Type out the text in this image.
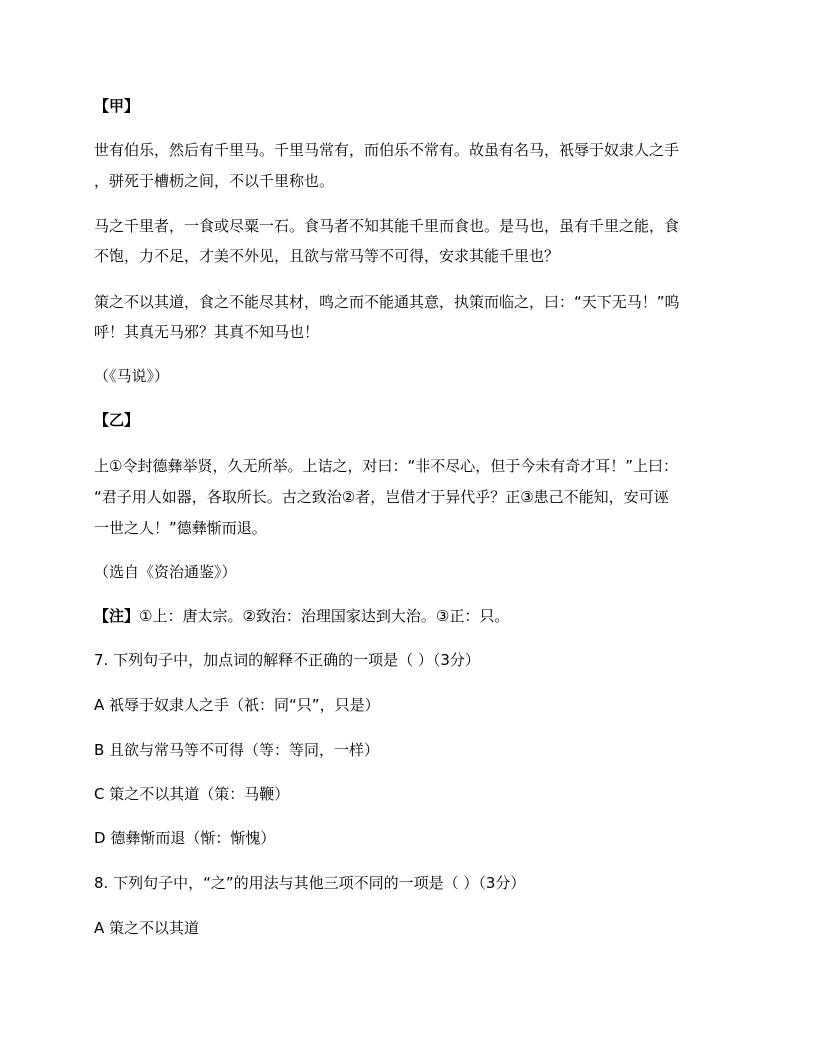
【甲】
世有伯乐，然后有千里马。千里马常有，而伯乐不常有。故虽有名马，祇辱于奴隶人之手
，骈死于槽枥之间，不以千里称也。
马之千里者，一食或尽粟一石。食马者不知其能千里而食也。是马也，虽有千里之能，食
不饱，力不足，才美不外见，且欲与常马等不可得，安求其能千里也？
策之不以其道，食之不能尽其材，鸣之而不能通其意，执策而临之，曰：“天下无马！”呜
呼！其真无马邪？其真不知马也！
（《马说》）
【乙】
上①令封德彝举贤，久无所举。上诘之，对曰：“非不尽心，但于今未有奇才耳！”上曰：
“君子用人如器，各取所长。古之致治②者，岂借才于异代乎？正③患己不能知，安可诬
一世之人！”德彝惭而退。
（选自《资治通鉴》）
【注】①上：唐太宗。②致治：治理国家达到大治。③正：只。
7. 下列句子中，加点词的解释不正确的一项是（ ）（3分）
A 祇辱于奴隶人之手（祇：同“只”，只是）
B 且欲与常马等不可得（等：等同，一样）
C 策之不以其道（策：马鞭）
D 德彝惭而退（惭：惭愧）
8. 下列句子中，“之”的用法与其他三项不同的一项是（ ）（3分）
A 策之不以其道
